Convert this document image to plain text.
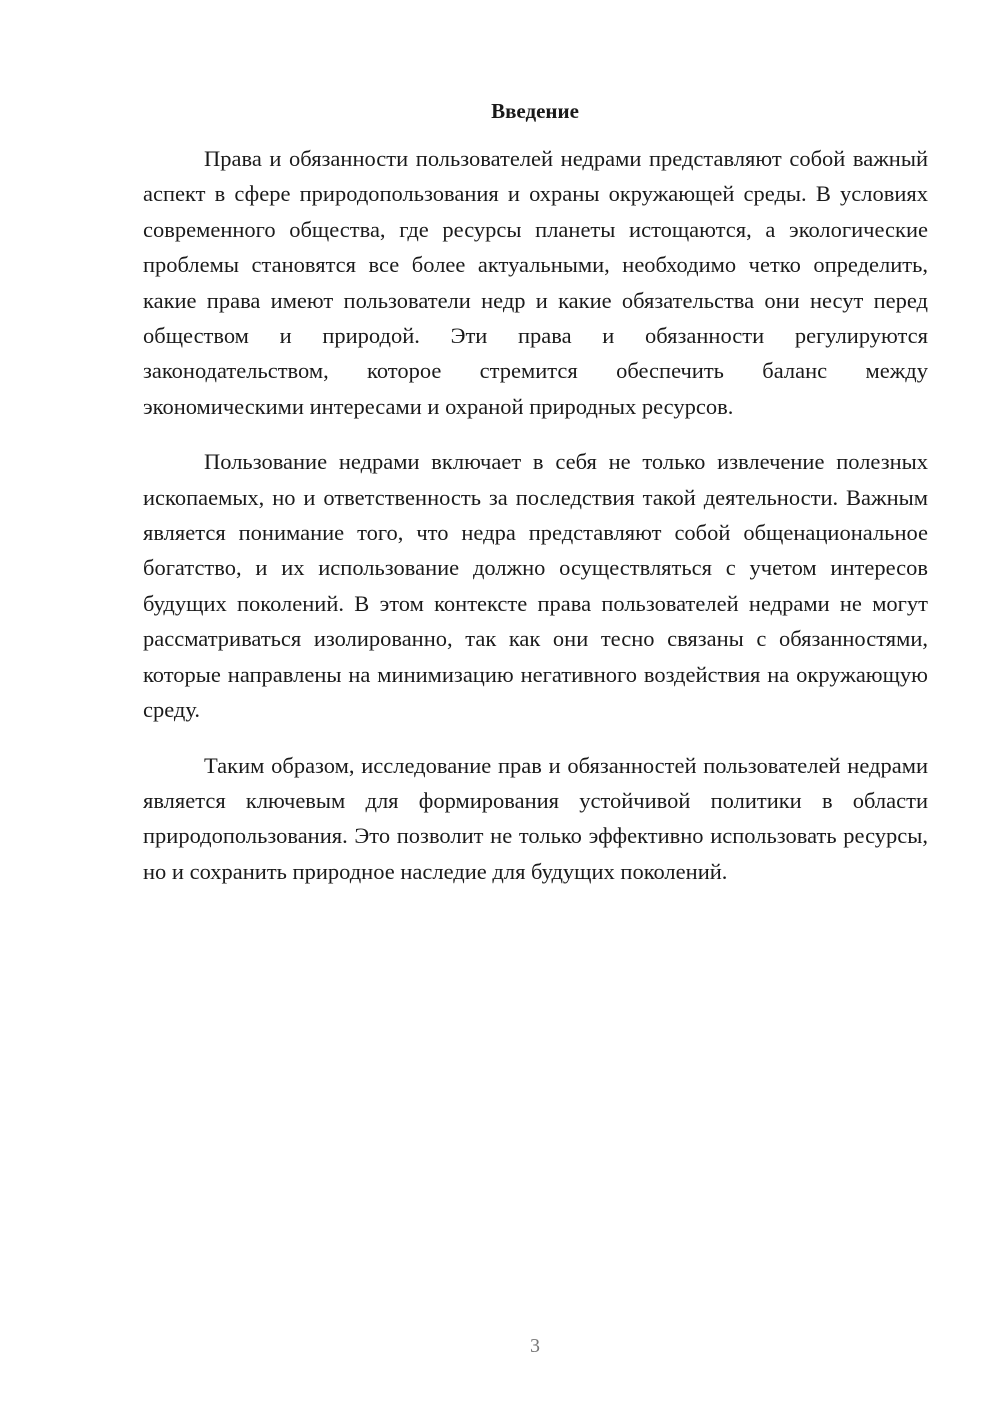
Введение

Права и обязанности пользователей недрами представляют собой важный аспект в сфере природопользования и охраны окружающей среды. В условиях современного общества, где ресурсы планеты истощаются, а экологические проблемы становятся все более актуальными, необходимо четко определить, какие права имеют пользователи недр и какие обязательства они несут перед обществом и природой. Эти права и обязанности регулируются законодательством, которое стремится обеспечить баланс между экономическими интересами и охраной природных ресурсов.

Пользование недрами включает в себя не только извлечение полезных ископаемых, но и ответственность за последствия такой деятельности. Важным является понимание того, что недра представляют собой общенациональное богатство, и их использование должно осуществляться с учетом интересов будущих поколений. В этом контексте права пользователей недрами не могут рассматриваться изолированно, так как они тесно связаны с обязанностями, которые направлены на минимизацию негативного воздействия на окружающую среду.

Таким образом, исследование прав и обязанностей пользователей недрами является ключевым для формирования устойчивой политики в области природопользования. Это позволит не только эффективно использовать ресурсы, но и сохранить природное наследие для будущих поколений.

3
